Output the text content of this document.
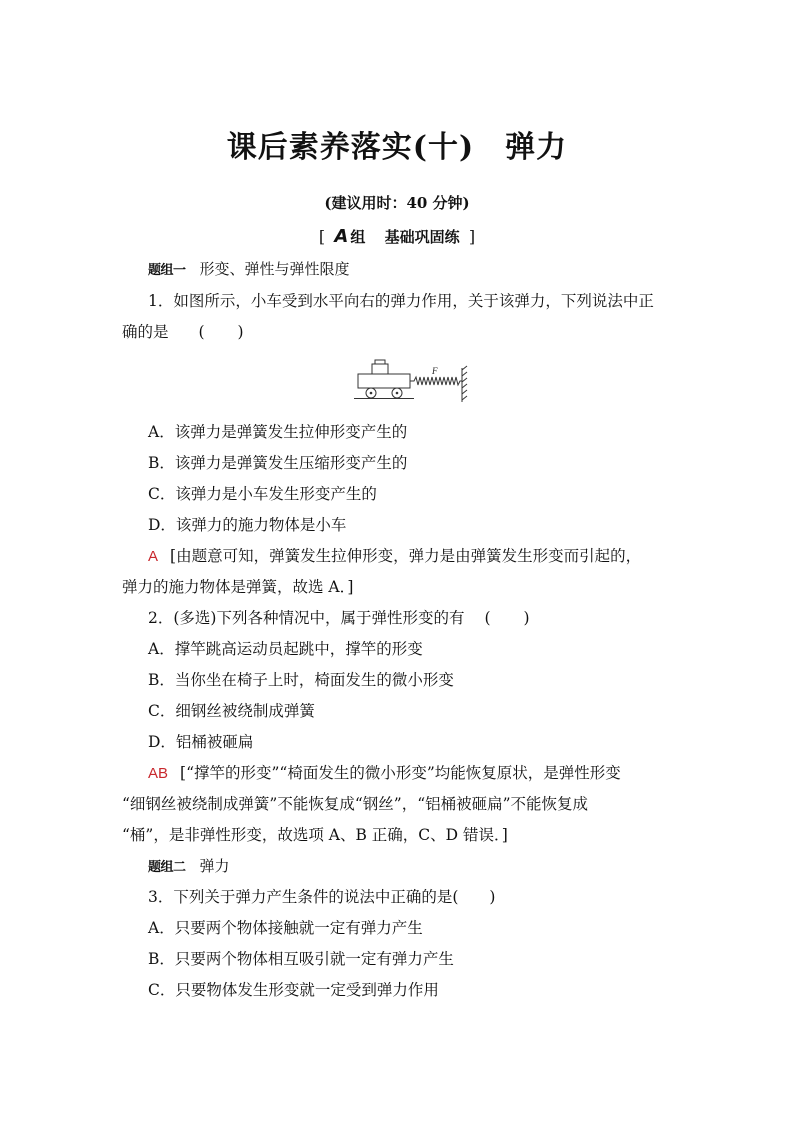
课后素养落实(十)　弹力
(建议用时：40 分钟)
[ A 组 基础巩固练 ]
题组一 形变、弹性与弹性限度
1．如图所示，小车受到水平向右的弹力作用，关于该弹力，下列说法中正
确的是 ( )
F
A．该弹力是弹簧发生拉伸形变产生的
B．该弹力是弹簧发生压缩形变产生的
C．该弹力是小车发生形变产生的
D．该弹力的施力物体是小车
A [由题意可知，弹簧发生拉伸形变，弹力是由弹簧发生形变而引起的，
弹力的施力物体是弹簧，故选 A．]
2．(多选)下列各种情况中，属于弹性形变的有 ( )
A．撑竿跳高运动员起跳中，撑竿的形变
B．当你坐在椅子上时，椅面发生的微小形变
C．细钢丝被绕制成弹簧
D．铝桶被砸扁
AB [“撑竿的形变”“椅面发生的微小形变”均能恢复原状，是弹性形变
“细钢丝被绕制成弹簧”不能恢复成“钢丝”，“铝桶被砸扁”不能恢复成
“桶”，是非弹性形变，故选项 A、B 正确，C、D 错误．]
题组二 弹力
3．下列关于弹力产生条件的说法中正确的是(　　)
A．只要两个物体接触就一定有弹力产生
B．只要两个物体相互吸引就一定有弹力产生
C．只要物体发生形变就一定受到弹力作用
